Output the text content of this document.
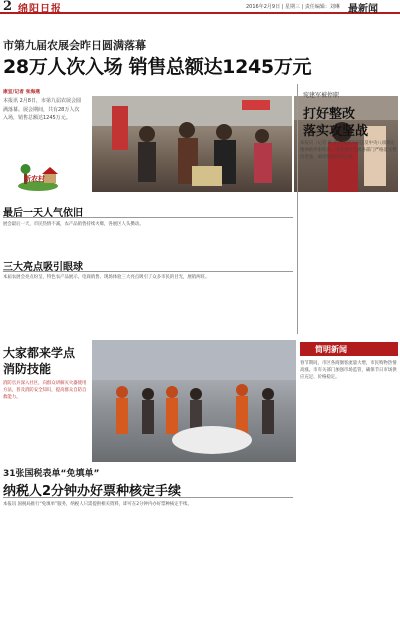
2 绵阳日报	2016年2月9日 | 星期三 | 责任编辑：刘琳 最新闻
市第九届农展会昨日圆满落幕
28万人次入场 销售总额达1245万元
康宣/记者 张海燕
本报讯 2月8日，市第九届农展会圆满落幕。展会期间，共有28万人次入场，销售总额达1245万元。
新农村
最后一天人气依旧
展会最后一天，市民热情不减，农产品销售持续火爆，各展区人头攒动。
宛建军被停职
打好整改
落实攻坚战
本报讯（记者 陈 鑫）宛建军因违反中央八项规定精神被停职检查。市委要求各级各部门严格落实整改措施，确保整改取得实效。
三大亮点吸引眼球
本届农展会亮点纷呈，特色农产品展示、电商销售、现场体验三大亮点吸引了众多市民的目光，展销两旺。
大家都来学点
消防技能
消防官兵深入社区，向群众讲解灭火器使用方法，普及消防安全知识，提高群众自防自救能力。
31张国税表单“免填单”
纳税人2分钟办好票种核定手续
本报讯 国税局推行“免填单”服务，纳税人只需提供相关资料，即可在2分钟内办好票种核定手续。
简明新闻
春节期间，市区各商圈客流量大增，市民购物热情高涨。市有关部门加强市场监管，确保节日市场供应充足、价格稳定。
